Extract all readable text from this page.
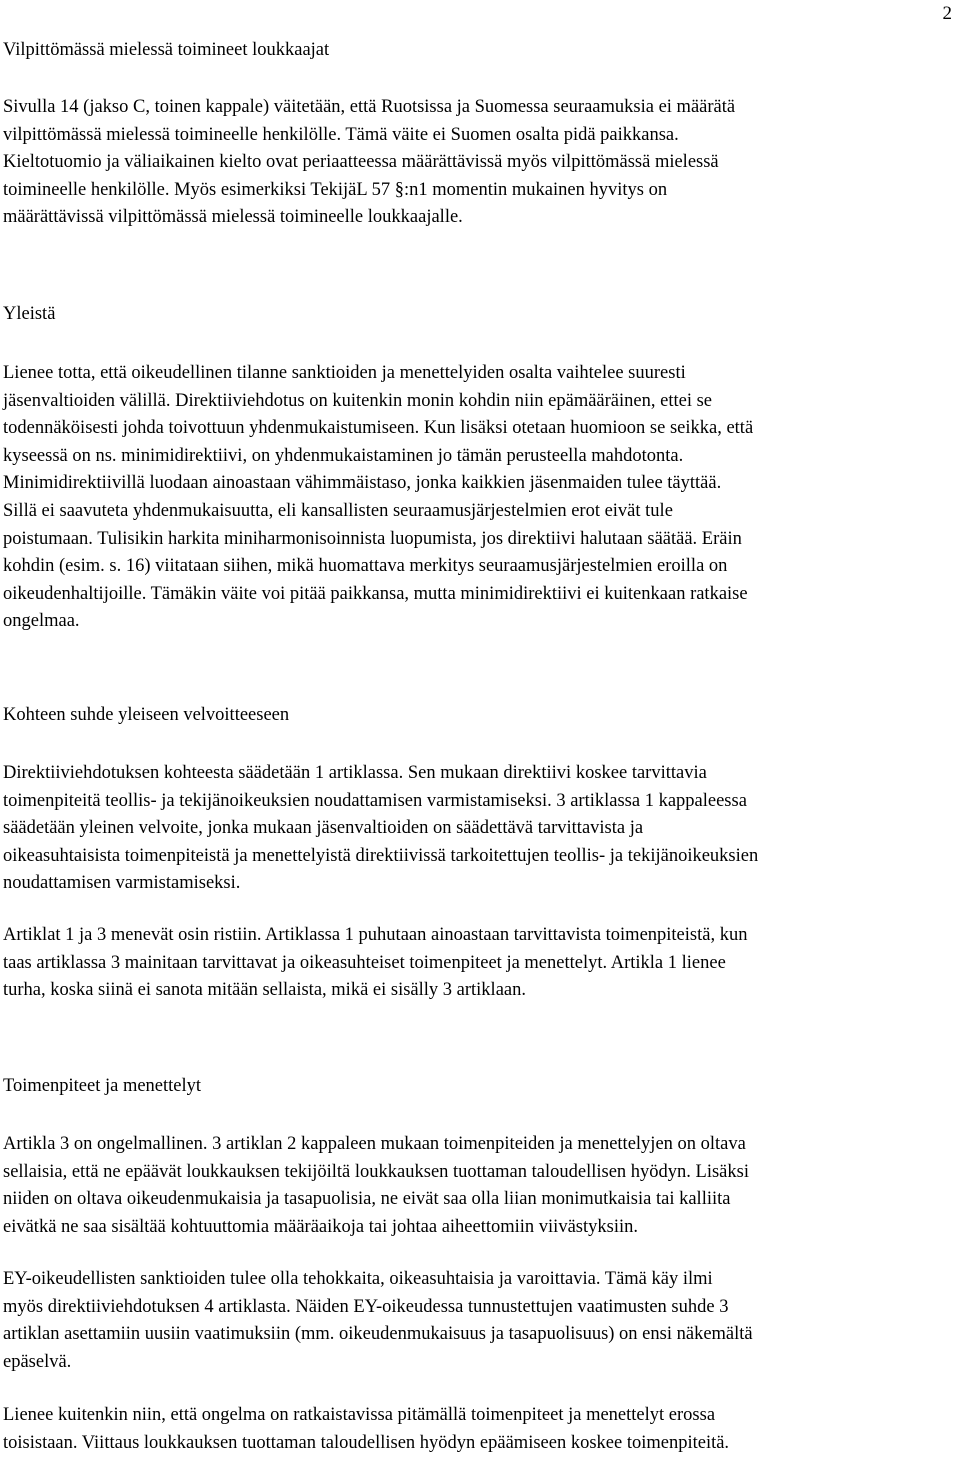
2
Vilpittömässä mielessä toimineet loukkaajat
Sivulla 14 (jakso C, toinen kappale) väitetään, että Ruotsissa ja Suomessa seuraamuksia ei määrätä
vilpittömässä mielessä toimineelle henkilölle. Tämä väite ei Suomen osalta pidä paikkansa.
Kieltotuomio ja väliaikainen kielto ovat periaatteessa määrättävissä myös vilpittömässä mielessä
toimineelle henkilölle. Myös esimerkiksi TekijäL 57 §:n1 momentin mukainen hyvitys on
määrättävissä vilpittömässä mielessä toimineelle loukkaajalle.
Yleistä
Lienee totta, että oikeudellinen tilanne sanktioiden ja menettelyiden osalta vaihtelee suuresti
jäsenvaltioiden välillä. Direktiiviehdotus on kuitenkin monin kohdin niin epämääräinen, ettei se
todennäköisesti johda toivottuun yhdenmukaistumiseen. Kun lisäksi otetaan huomioon se seikka, että
kyseessä on ns. minimidirektiivi, on yhdenmukaistaminen jo tämän perusteella mahdotonta.
Minimidirektiivillä luodaan ainoastaan vähimmäistaso, jonka kaikkien jäsenmaiden tulee täyttää.
Sillä ei saavuteta yhdenmukaisuutta, eli kansallisten seuraamusjärjestelmien erot eivät tule
poistumaan. Tulisikin harkita miniharmonisoinnista luopumista, jos direktiivi halutaan säätää. Eräin
kohdin (esim. s. 16) viitataan siihen, mikä huomattava merkitys seuraamusjärjestelmien eroilla on
oikeudenhaltijoille. Tämäkin väite voi pitää paikkansa, mutta minimidirektiivi ei kuitenkaan ratkaise
ongelmaa.
Kohteen suhde yleiseen velvoitteeseen
Direktiiviehdotuksen kohteesta säädetään 1 artiklassa. Sen mukaan direktiivi koskee tarvittavia
toimenpiteitä teollis- ja tekijänoikeuksien noudattamisen varmistamiseksi. 3 artiklassa 1 kappaleessa
säädetään yleinen velvoite, jonka mukaan jäsenvaltioiden on säädettävä tarvittavista ja
oikeasuhtaisista toimenpiteistä ja menettelyistä direktiivissä tarkoitettujen teollis- ja tekijänoikeuksien
noudattamisen varmistamiseksi.
Artiklat 1 ja 3 menevät osin ristiin. Artiklassa 1 puhutaan ainoastaan tarvittavista toimenpiteistä, kun
taas artiklassa 3 mainitaan tarvittavat ja oikeasuhteiset toimenpiteet ja menettelyt. Artikla 1 lienee
turha, koska siinä ei sanota mitään sellaista, mikä ei sisälly 3 artiklaan.
Toimenpiteet ja menettelyt
Artikla 3 on ongelmallinen. 3 artiklan 2 kappaleen mukaan toimenpiteiden ja menettelyjen on oltava
sellaisia, että ne epäävät loukkauksen tekijöiltä loukkauksen tuottaman taloudellisen hyödyn. Lisäksi
niiden on oltava oikeudenmukaisia ja tasapuolisia, ne eivät saa olla liian monimutkaisia tai kalliita
eivätkä ne saa sisältää kohtuuttomia määräaikoja tai johtaa aiheettomiin viivästyksiin.
EY-oikeudellisten sanktioiden tulee olla tehokkaita, oikeasuhtaisia ja varoittavia. Tämä käy ilmi
myös direktiiviehdotuksen 4 artiklasta. Näiden EY-oikeudessa tunnustettujen vaatimusten suhde 3
artiklan asettamiin uusiin vaatimuksiin (mm. oikeudenmukaisuus ja tasapuolisuus) on ensi näkemältä
epäselvä.
Lienee kuitenkin niin, että ongelma on ratkaistavissa pitämällä toimenpiteet ja menettelyt erossa
toisistaan. Viittaus loukkauksen tuottaman taloudellisen hyödyn epäämiseen koskee toimenpiteitä.
